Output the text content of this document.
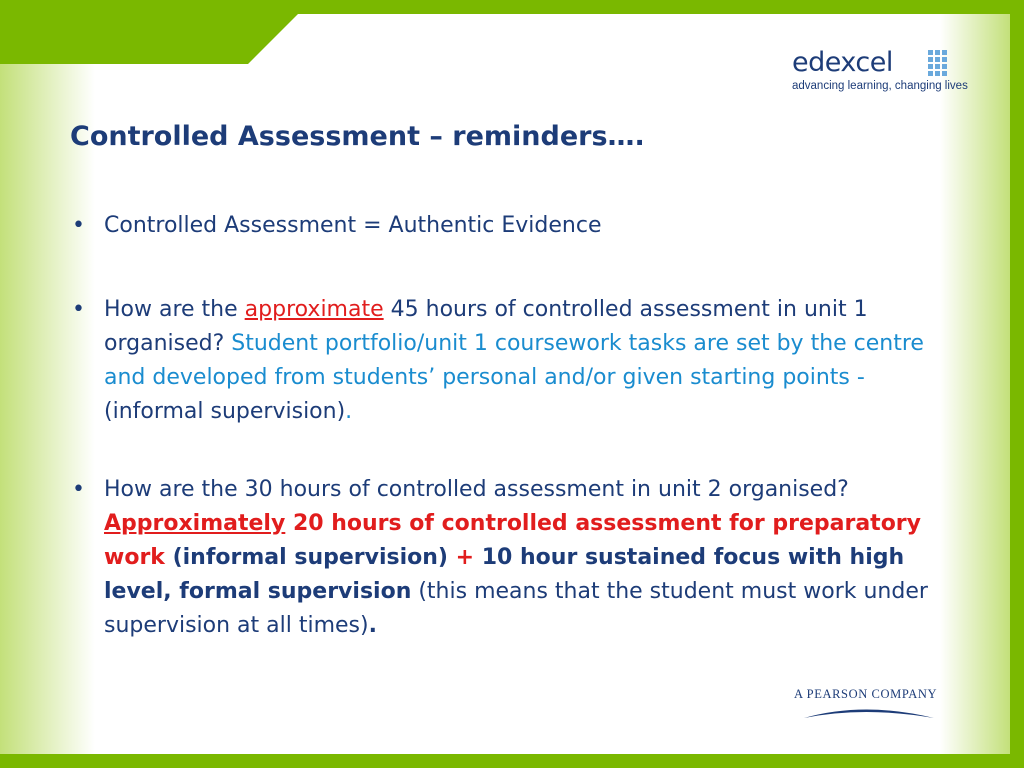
edexcel
advancing learning, changing lives
Controlled Assessment – reminders….
• Controlled Assessment = Authentic Evidence
• How are the approximate 45 hours of controlled assessment in unit 1 organised? Student portfolio/unit 1 coursework tasks are set by the centre and developed from students’ personal and/or given starting points - (informal supervision).
• How are the 30 hours of controlled assessment in unit 2 organised? Approximately 20 hours of controlled assessment for preparatory work (informal supervision) + 10 hour sustained focus with high level, formal supervision (this means that the student must work under supervision at all times).
A PEARSON COMPANY
